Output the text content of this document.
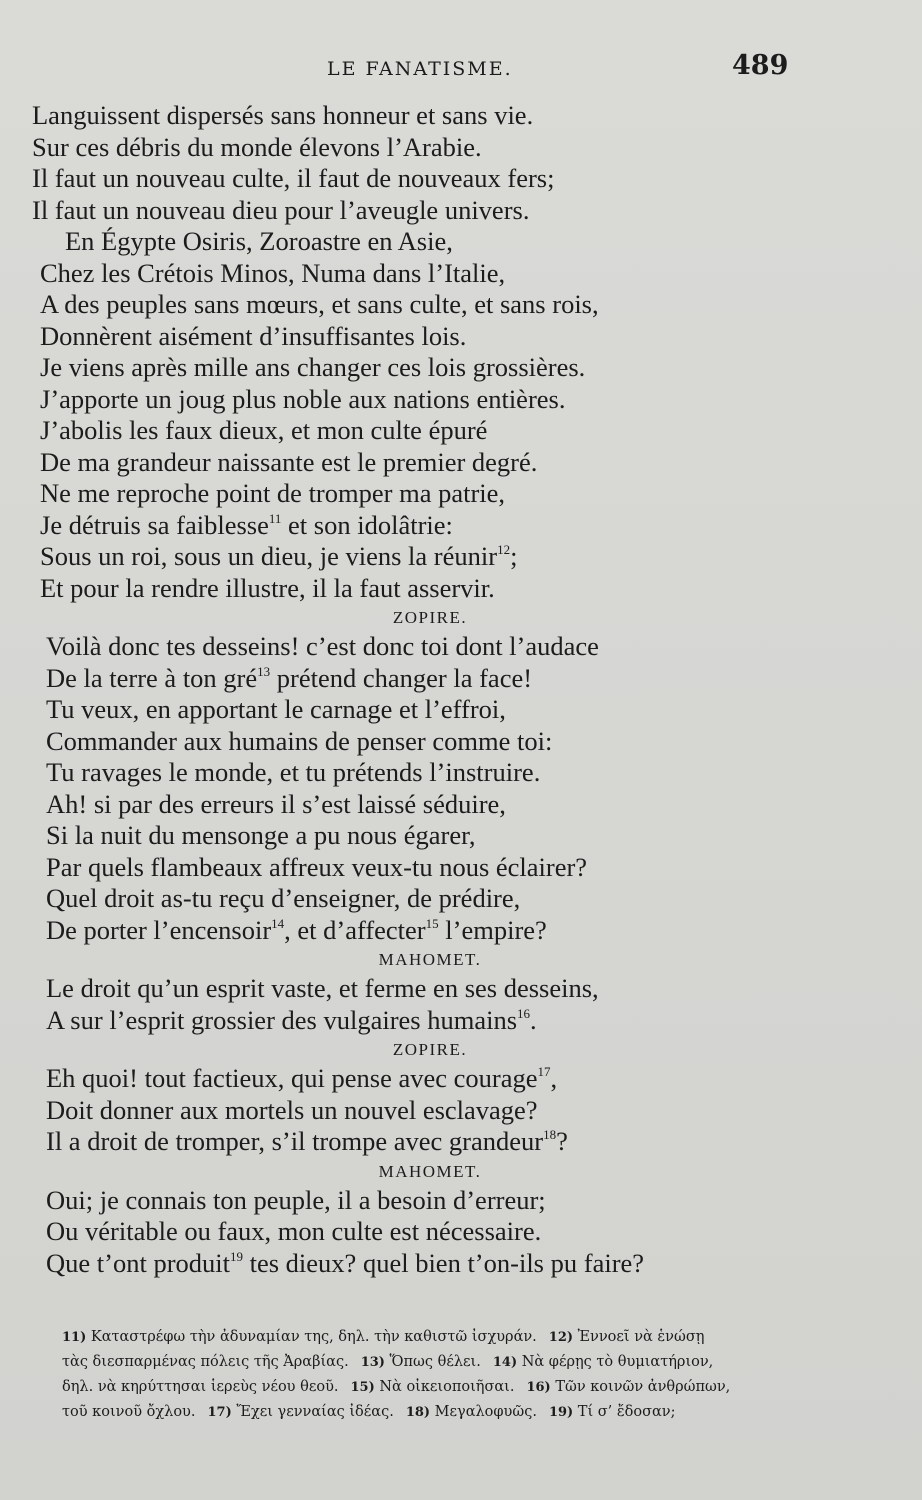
LE FANATISME.	489
Languissent dispersés sans honneur et sans vie.
Sur ces débris du monde élevons l’Arabie.
Il faut un nouveau culte, il faut de nouveaux fers;
Il faut un nouveau dieu pour l’aveugle univers.
En Égypte Osiris, Zoroastre en Asie,
Chez les Crétois Minos, Numa dans l’Italie,
A des peuples sans mœurs, et sans culte, et sans rois,
Donnèrent aisément d’insuffisantes lois.
Je viens après mille ans changer ces lois grossières.
J’apporte un joug plus noble aux nations entières.
J’abolis les faux dieux, et mon culte épuré
De ma grandeur naissante est le premier degré.
Ne me reproche point de tromper ma patrie,
Je détruis sa faiblesse$^{11}$ et son idolâtrie:
Sous un roi, sous un dieu, je viens la réunir$^{12}$;
Et pour la rendre illustre, il la faut asservir.
ZOPIRE.
Voilà donc tes desseins! c’est donc toi dont l’audace
De la terre à ton gré$^{13}$ prétend changer la face!
Tu veux, en apportant le carnage et l’effroi,
Commander aux humains de penser comme toi:
Tu ravages le monde, et tu prétends l’instruire.
Ah! si par des erreurs il s’est laissé séduire,
Si la nuit du mensonge a pu nous égarer,
Par quels flambeaux affreux veux-tu nous éclairer?
Quel droit as-tu reçu d’enseigner, de prédire,
De porter l’encensoir$^{14}$, et d’affecter$^{15}$ l’empire?
MAHOMET.
Le droit qu’un esprit vaste, et ferme en ses desseins,
A sur l’esprit grossier des vulgaires humains$^{16}$.
ZOPIRE.
Eh quoi! tout factieux, qui pense avec courage$^{17}$,
Doit donner aux mortels un nouvel esclavage?
Il a droit de tromper, s’il trompe avec grandeur$^{18}$?
MAHOMET.
Oui; je connais ton peuple, il a besoin d’erreur;
Ou véritable ou faux, mon culte est nécessaire.
Que t’ont produit$^{19}$ tes dieux? quel bien t’on-ils pu faire?
11) Καταστρέφω τὴν ἀδυναμίαν της, δηλ. τὴν καθιστῶ ἰσχυράν. 12) Ἐννοεῖ νὰ ἑνώσῃ
τὰς διεσπαρμένας πόλεις τῆς Ἀραβίας. 13) Ὅπως θέλει. 14) Νὰ φέρῃς τὸ θυμιατήριον,
δηλ. νὰ κηρύττησαι ἱερεὺς νέου θεοῦ. 15) Νὰ οἰκειοποιῆσαι. 16) Τῶν κοινῶν ἀνθρώπων,
τοῦ κοινοῦ ὄχλου. 17) Ἔχει γενναίας ἰδέας. 18) Μεγαλοφυῶς. 19) Τί σ’ ἔδοσαν;
